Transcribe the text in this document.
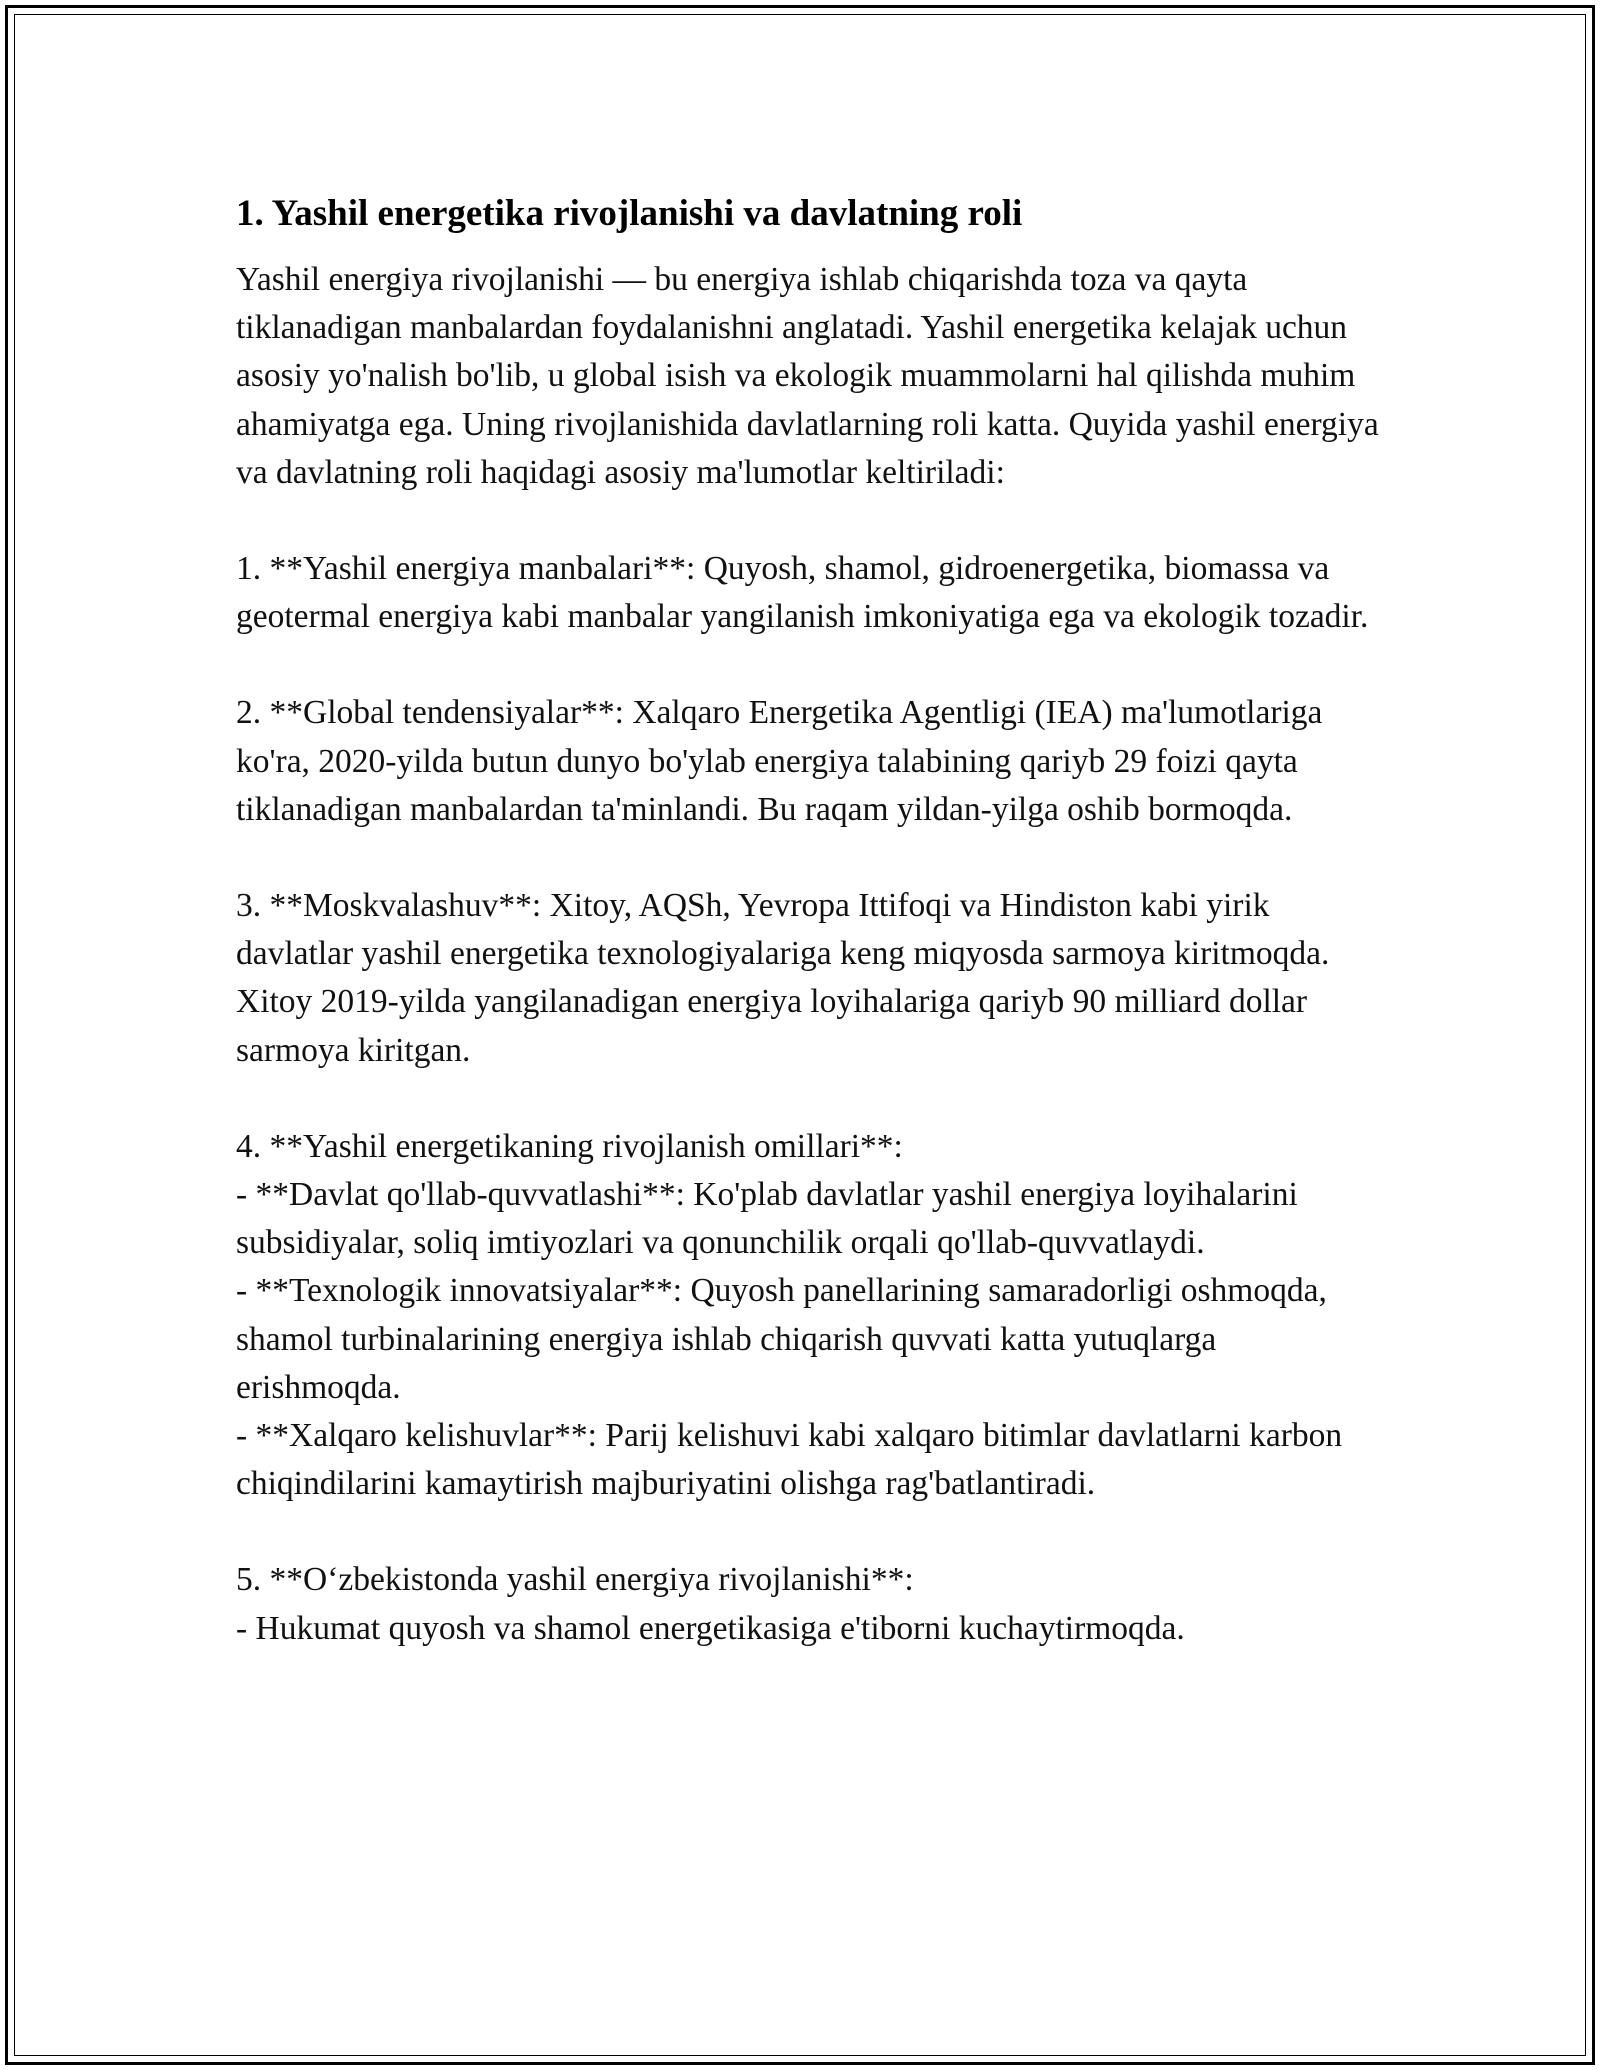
1. Yashil energetika rivojlanishi va davlatning roli
Yashil energiya rivojlanishi — bu energiya ishlab chiqarishda toza va qayta tiklanadigan manbalardan foydalanishni anglatadi. Yashil energetika kelajak uchun asosiy yo'nalish bo'lib, u global isish va ekologik muammolarni hal qilishda muhim ahamiyatga ega. Uning rivojlanishida davlatlarning roli katta. Quyida yashil energiya va davlatning roli haqidagi asosiy ma'lumotlar keltiriladi:
1. **Yashil energiya manbalari**: Quyosh, shamol, gidroenergetika, biomassa va geotermal energiya kabi manbalar yangilanish imkoniyatiga ega va ekologik tozadir.
2. **Global tendensiyalar**: Xalqaro Energetika Agentligi (IEA) ma'lumotlariga ko'ra, 2020-yilda butun dunyo bo'ylab energiya talabining qariyb 29 foizi qayta tiklanadigan manbalardan ta'minlandi. Bu raqam yildan-yilga oshib bormoqda.
3. **Moskvalashuv**: Xitoy, AQSh, Yevropa Ittifoqi va Hindiston kabi yirik davlatlar yashil energetika texnologiyalariga keng miqyosda sarmoya kiritmoqda. Xitoy 2019-yilda yangilanadigan energiya loyihalariga qariyb 90 milliard dollar sarmoya kiritgan.
4. **Yashil energetikaning rivojlanish omillari**:
- **Davlat qo'llab-quvvatlashi**: Ko'plab davlatlar yashil energiya loyihalarini subsidiyalar, soliq imtiyozlari va qonunchilik orqali qo'llab-quvvatlaydi.
- **Texnologik innovatsiyalar**: Quyosh panellarining samaradorligi oshmoqda, shamol turbinalarining energiya ishlab chiqarish quvvati katta yutuqlarga erishmoqda.
- **Xalqaro kelishuvlar**: Parij kelishuvi kabi xalqaro bitimlar davlatlarni karbon chiqindilarini kamaytirish majburiyatini olishga rag'batlantiradi.
5. **O‘zbekistonda yashil energiya rivojlanishi**:
- Hukumat quyosh va shamol energetikasiga e'tiborni kuchaytirmoqda.
